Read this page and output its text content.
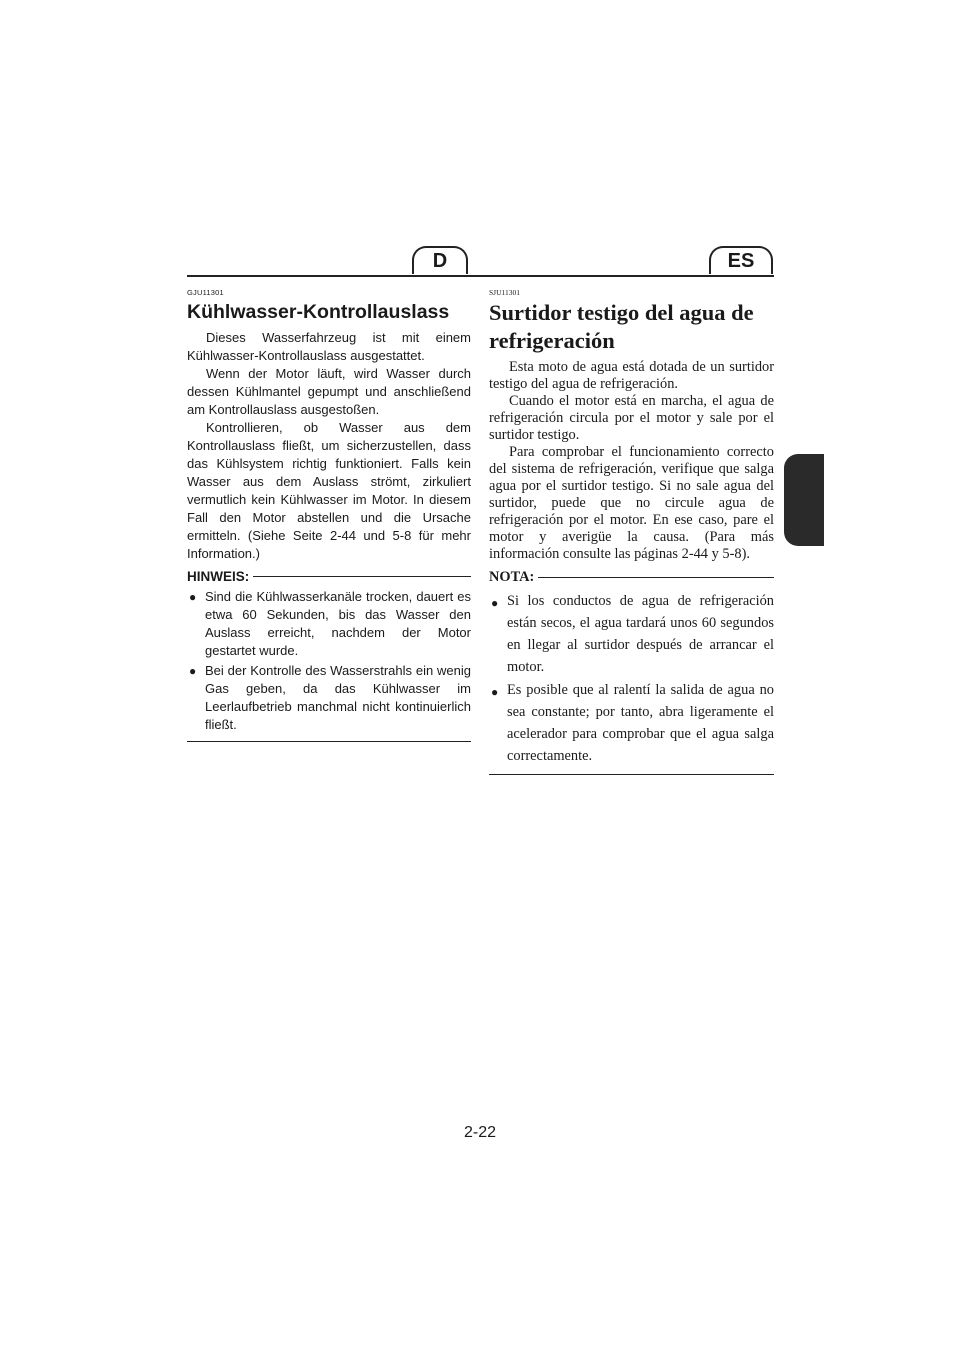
D	ES
GJU11301
Kühlwasser-Kontrollauslass

Dieses Wasserfahrzeug ist mit einem Kühlwasser-Kontrollauslass ausgestattet.

Wenn der Motor läuft, wird Wasser durch dessen Kühlmantel gepumpt und anschließend am Kontrollauslass ausgestoßen.

Kontrollieren, ob Wasser aus dem Kontrollauslass fließt, um sicherzustellen, dass das Kühlsystem richtig funktioniert. Falls kein Wasser aus dem Auslass strömt, zirkuliert vermutlich kein Kühlwasser im Motor. In diesem Fall den Motor abstellen und die Ursache ermitteln. (Siehe Seite 2-44 und 5-8 für mehr Information.)

HINWEIS:
● Sind die Kühlwasserkanäle trocken, dauert es etwa 60 Sekunden, bis das Wasser den Auslass erreicht, nachdem der Motor gestartet wurde.
● Bei der Kontrolle des Wasserstrahls ein wenig Gas geben, da das Kühlwasser im Leerlaufbetrieb manchmal nicht kontinuierlich fließt.
SJU11301
Surtidor testigo del agua de refrigeración

Esta moto de agua está dotada de un surtidor testigo del agua de refrigeración.

Cuando el motor está en marcha, el agua de refrigeración circula por el motor y sale por el surtidor testigo.

Para comprobar el funcionamiento correcto del sistema de refrigeración, verifique que salga agua por el surtidor testigo. Si no sale agua del surtidor, puede que no circule agua de refrigeración por el motor. En ese caso, pare el motor y averigüe la causa. (Para más información consulte las páginas 2-44 y 5-8).

NOTA:
● Si los conductos de agua de refrigeración están secos, el agua tardará unos 60 segundos en llegar al surtidor después de arrancar el motor.
● Es posible que al ralentí la salida de agua no sea constante; por tanto, abra ligeramente el acelerador para comprobar que el agua salga correctamente.
2-22
